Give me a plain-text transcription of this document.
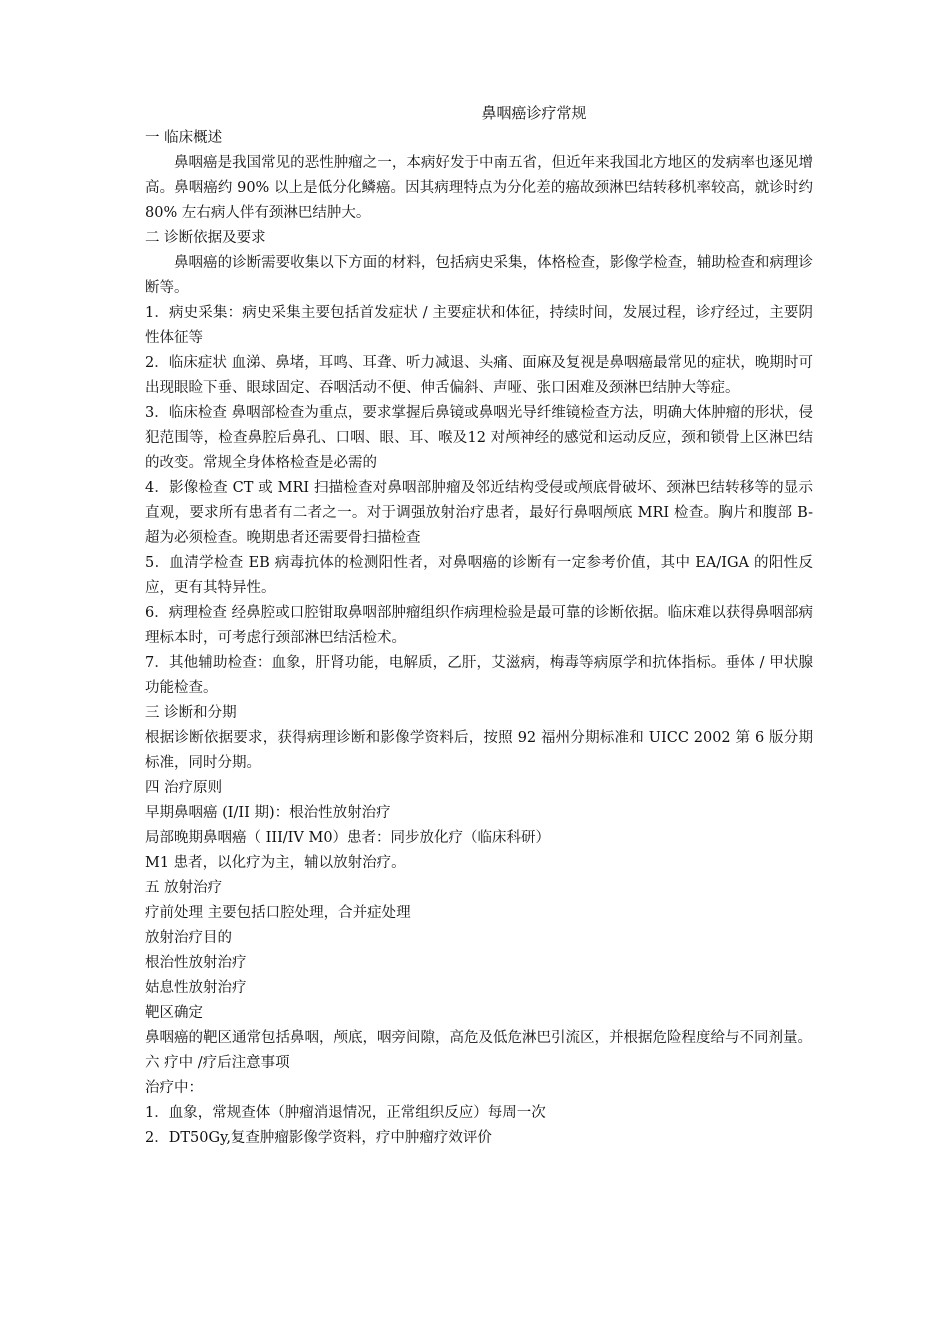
鼻咽癌诊疗常规
一 临床概述
鼻咽癌是我国常见的恶性肿瘤之一，本病好发于中南五省，但近年来我国北方地区的发病率也逐见增高。鼻咽癌约 90% 以上是低分化鳞癌。因其病理特点为分化差的癌故颈淋巴结转移机率较高，就诊时约 80% 左右病人伴有颈淋巴结肿大。
二 诊断依据及要求
鼻咽癌的诊断需要收集以下方面的材料，包括病史采集，体格检查，影像学检查，辅助检查和病理诊断等。
1．病史采集：病史采集主要包括首发症状 / 主要症状和体征，持续时间，发展过程，诊疗经过，主要阴性体征等
2．临床症状 血涕、鼻堵，耳鸣、耳聋、听力减退、头痛、面麻及复视是鼻咽癌最常见的症状，晚期时可出现眼睑下垂、眼球固定、吞咽活动不便、伸舌偏斜、声哑、张口困难及颈淋巴结肿大等症。
3．临床检查 鼻咽部检查为重点，要求掌握后鼻镜或鼻咽光导纤维镜检查方法，明确大体肿瘤的形状，侵犯范围等，检查鼻腔后鼻孔、口咽、眼、耳、喉及12 对颅神经的感觉和运动反应，颈和锁骨上区淋巴结的改变。常规全身体格检查是必需的
4．影像检查 CT 或 MRI 扫描检查对鼻咽部肿瘤及邻近结构受侵或颅底骨破坏、颈淋巴结转移等的显示直观，要求所有患者有二者之一。对于调强放射治疗患者，最好行鼻咽颅底 MRI 检查。胸片和腹部 B- 超为必须检查。晚期患者还需要骨扫描检查
5．血清学检查 EB 病毒抗体的检测阳性者，对鼻咽癌的诊断有一定参考价值，其中 EA/IGA 的阳性反应，更有其特异性。
6．病理检查 经鼻腔或口腔钳取鼻咽部肿瘤组织作病理检验是最可靠的诊断依据。临床难以获得鼻咽部病理标本时，可考虑行颈部淋巴结活检术。
7．其他辅助检查：血象，肝肾功能，电解质，乙肝，艾滋病，梅毒等病原学和抗体指标。垂体 / 甲状腺功能检查。
三 诊断和分期
根据诊断依据要求，获得病理诊断和影像学资料后，按照 92 福州分期标准和 UICC 2002 第 6 版分期标准，同时分期。
四 治疗原则
早期鼻咽癌 (I/II 期)：根治性放射治疗
局部晚期鼻咽癌（ III/IV M0）患者：同步放化疗（临床科研）
M1 患者，以化疗为主，辅以放射治疗。
五 放射治疗
疗前处理 主要包括口腔处理，合并症处理
放射治疗目的
根治性放射治疗
姑息性放射治疗
靶区确定
鼻咽癌的靶区通常包括鼻咽，颅底，咽旁间隙，高危及低危淋巴引流区，并根据危险程度给与不同剂量。
六 疗中 /疗后注意事项
治疗中：
1．血象，常规查体（肿瘤消退情况，正常组织反应）每周一次
2．DT50Gy,复查肿瘤影像学资料，疗中肿瘤疗效评价
